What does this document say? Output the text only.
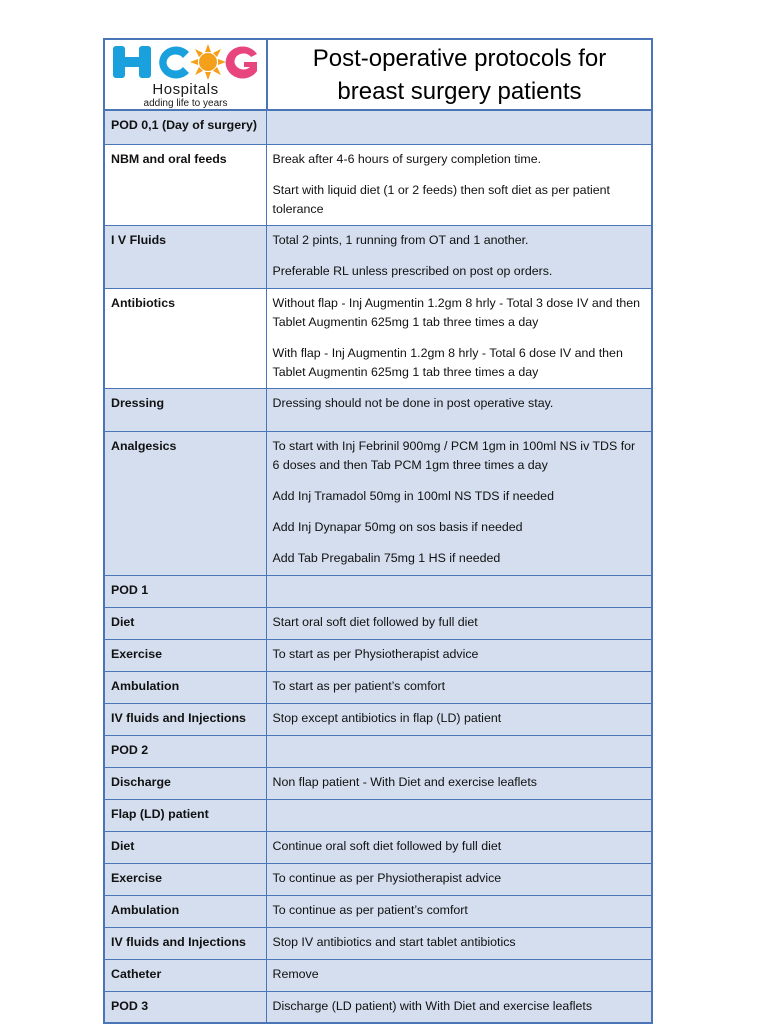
Hospitals
adding life to years
Post-operative protocols for
breast surgery patients
POD 0,1 (Day of surgery)	
NBM and oral feeds	Break after 4-6 hours of surgery completion time.

Start with liquid diet (1 or 2 feeds) then soft diet as per patient tolerance

I V Fluids	Total 2 pints, 1 running from OT and 1 another.

Preferable RL unless prescribed on post op orders.

Antibiotics	Without flap - Inj Augmentin 1.2gm 8 hrly - Total 3 dose IV and then Tablet Augmentin 625mg 1 tab three times a day

With flap - Inj Augmentin 1.2gm 8 hrly - Total 6 dose IV and then Tablet Augmentin 625mg 1 tab three times a day

Dressing	Dressing should not be done in post operative stay.

Analgesics	To start with Inj Febrinil 900mg / PCM 1gm in 100ml NS iv TDS for 6 doses and then Tab PCM 1gm three times a day

Add Inj Tramadol 50mg in 100ml NS TDS if needed

Add Inj Dynapar 50mg on sos basis if needed

Add Tab Pregabalin 75mg 1 HS if needed

POD 1	
Diet	Start oral soft diet followed by full diet

Exercise	To start as per Physiotherapist advice

Ambulation	To start as per patient’s comfort

IV fluids and Injections	Stop except antibiotics in flap (LD) patient

POD 2	
Discharge	Non flap patient - With Diet and exercise leaflets

Flap (LD) patient	
Diet	Continue oral soft diet followed by full diet

Exercise	To continue as per Physiotherapist advice

Ambulation	To continue as per patient’s comfort

IV fluids and Injections	Stop IV antibiotics and start tablet antibiotics

Catheter	Remove

POD 3	Discharge (LD patient) with With Diet and exercise leaflets
